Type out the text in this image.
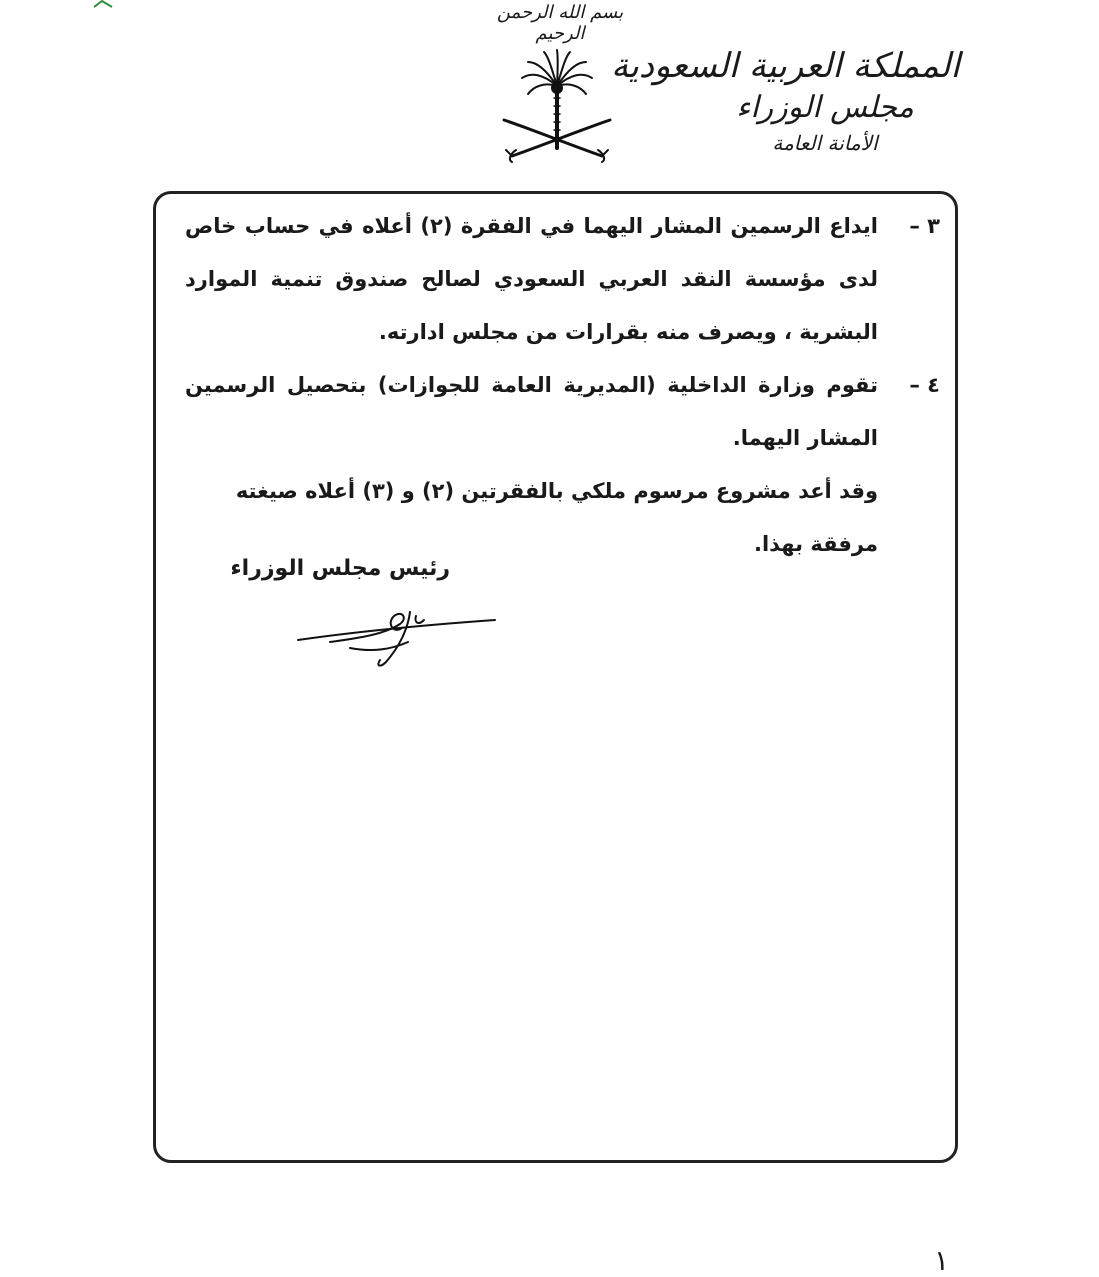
بسم الله الرحمن الرحيم
المملكة العربية السعودية
مجلس الوزراء
الأمانة العامة
٣ –
ايداع الرسمين المشار اليهما في الفقرة (٢) أعلاه في حساب خاص لدى مؤسسة النقد العربي السعودي لصالح صندوق تنمية الموارد البشرية ، ويصرف منه بقرارات من مجلس ادارته.
٤ –
تقوم وزارة الداخلية (المديرية العامة للجوازات) بتحصيل الرسمين المشار اليهما.
وقد أعد مشروع مرسوم ملكي بالفقرتين (٢) و (٣) أعلاه صيغته مرفقة بهذا.
رئيس مجلس الوزراء
١
